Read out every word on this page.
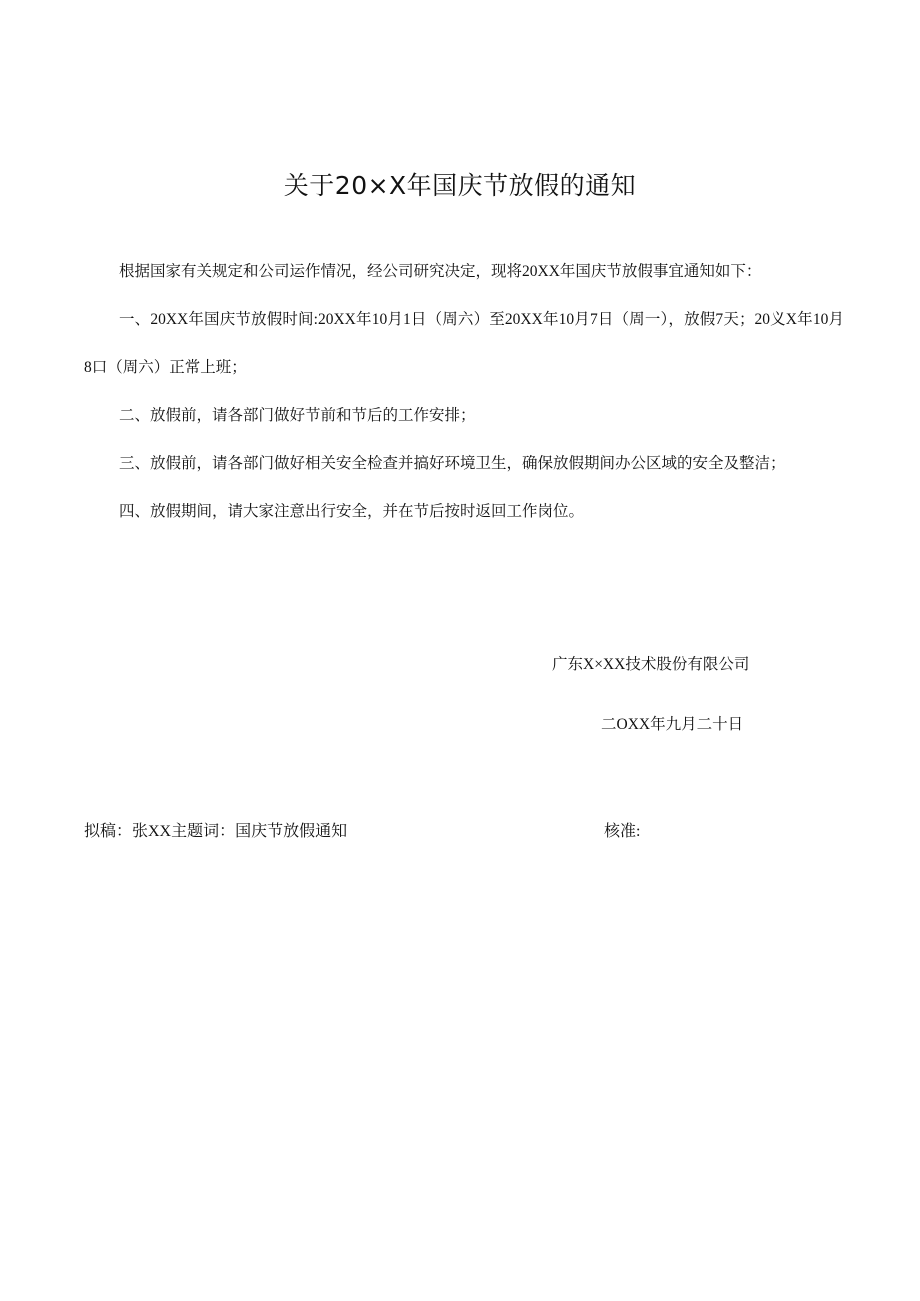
关于20×X年国庆节放假的通知

根据国家有关规定和公司运作情况，经公司研究决定，现将20XX年国庆节放假事宜通知如下：

一、20XX年国庆节放假时间:20XX年10月1日（周六）至20XX年10月7日（周一），放假7天；20义X年10月8口（周六）正常上班；

二、放假前，请各部门做好节前和节后的工作安排；

三、放假前，请各部门做好相关安全检查并搞好环境卫生，确保放假期间办公区域的安全及整洁；

四、放假期间，请大家注意出行安全，并在节后按时返回工作岗位。

广东X×XX技术股份有限公司
二OXX年九月二十日
拟稿：张XX主题词：国庆节放假通知	核准:
